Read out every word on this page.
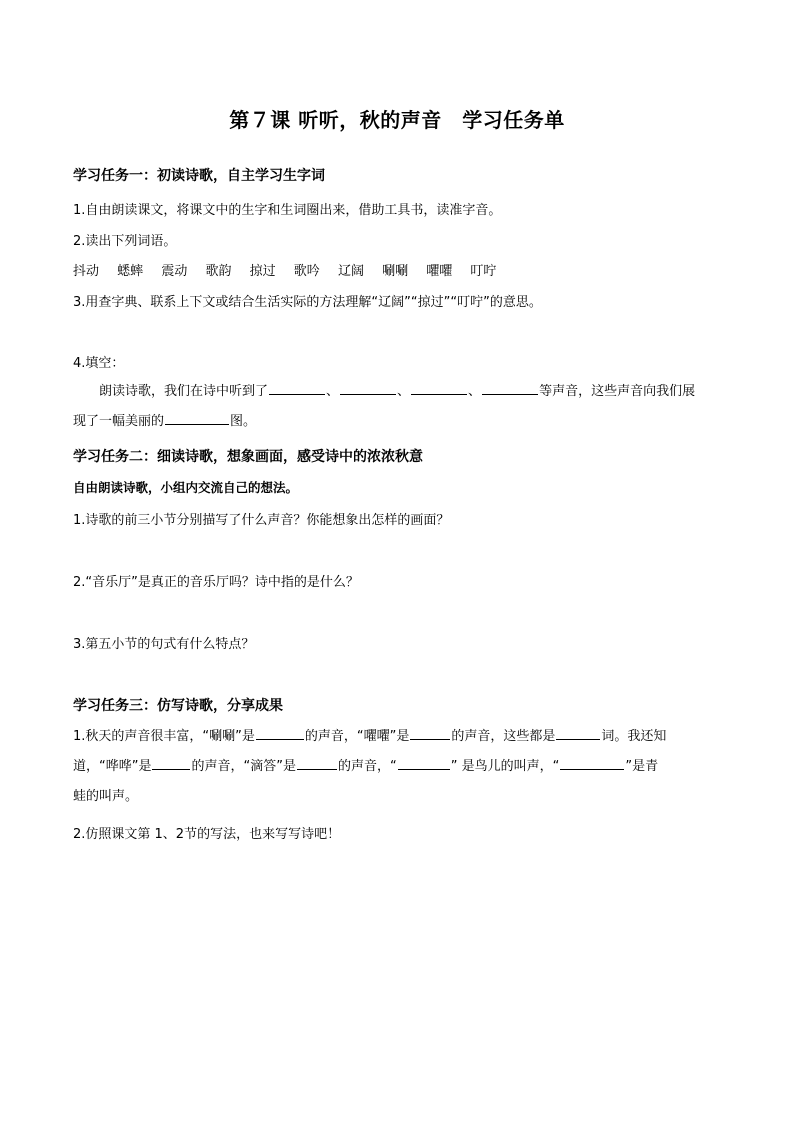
第７课 听听，秋的声音　学习任务单
学习任务一：初读诗歌，自主学习生字词
1.自由朗读课文，将课文中的生字和生词圈出来，借助工具书，读准字音。
2.读出下列词语。
抖动 蟋蟀 震动 歌韵 掠过 歌吟 辽阔 唰唰 㘗㘗 叮咛
3.用查字典、联系上下文或结合生活实际的方法理解“辽阔”“掠过”“叮咛”的意思。
4.填空：
朗读诗歌，我们在诗中听到了	、	、	、	等声音，这些声音向我们展
现了一幅美丽的	图。
学习任务二：细读诗歌，想象画面，感受诗中的浓浓秋意
自由朗读诗歌，小组内交流自己的想法。
1.诗歌的前三小节分别描写了什么声音？你能想象出怎样的画面？
2.“音乐厅”是真正的音乐厅吗？诗中指的是什么？
3.第五小节的句式有什么特点？
学习任务三：仿写诗歌，分享成果
1.秋天的声音很丰富，“唰唰”是	的声音，“㘗㘗”是	的声音，这些都是	词。我还知
道，“哗哗”是	的声音，“滴答”是	的声音，“	” 是鸟儿的叫声，“	”是青
蛙的叫声。
2.仿照课文第 1、2节的写法，也来写写诗吧！
